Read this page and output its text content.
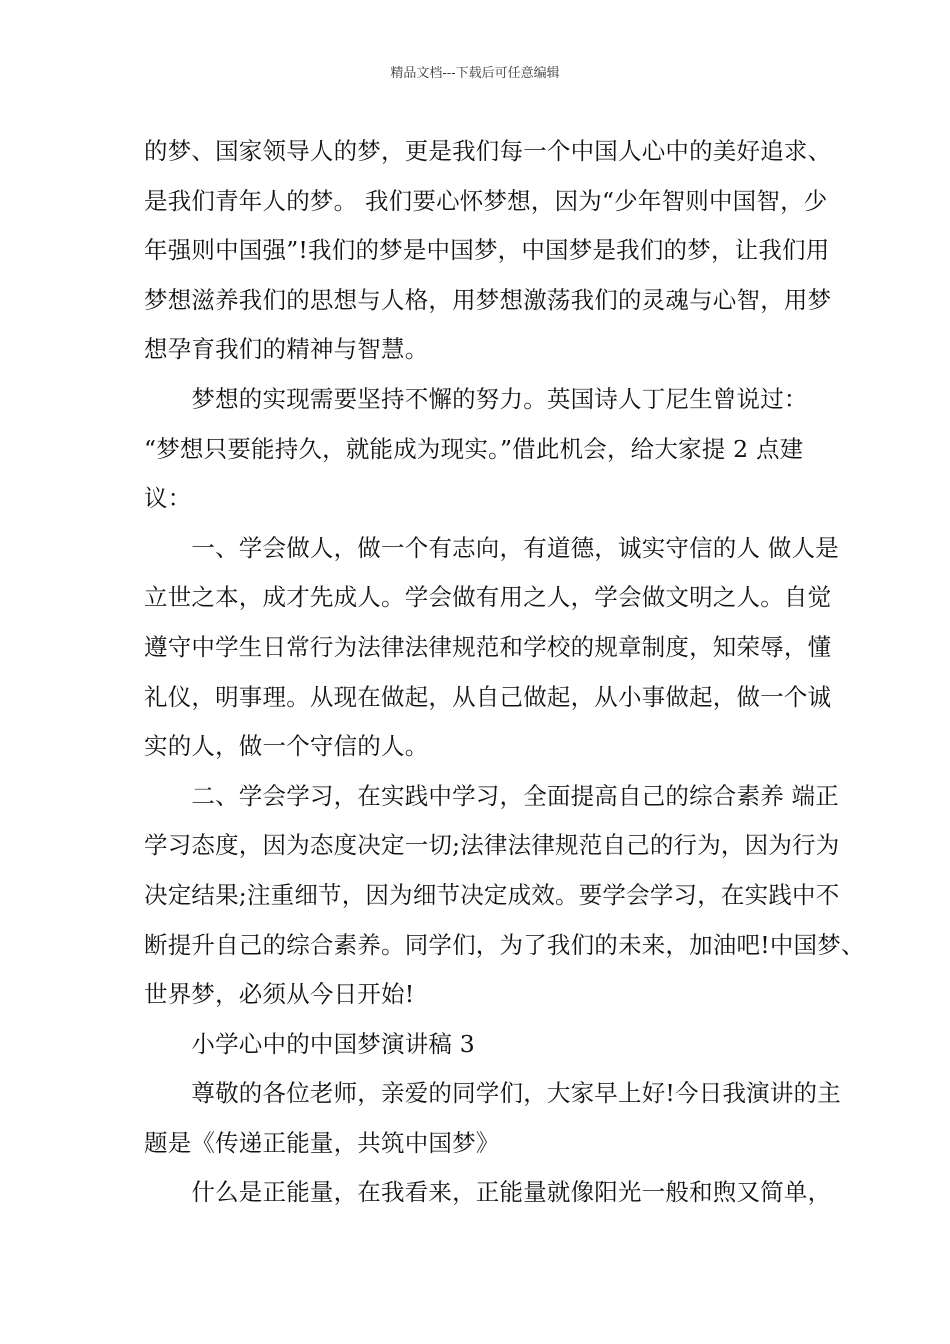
精品文档---下载后可任意编辑
的梦、国家领导人的梦，更是我们每一个中国人心中的美好追求、
是我们青年人的梦。 我们要心怀梦想，因为“少年智则中国智，少
年强则中国强”!我们的梦是中国梦，中国梦是我们的梦，让我们用
梦想滋养我们的思想与人格，用梦想激荡我们的灵魂与心智，用梦
想孕育我们的精神与智慧。
　　梦想的实现需要坚持不懈的努力。英国诗人丁尼生曾说过：
“梦想只要能持久，就能成为现实。”借此机会，给大家提 2 点建
议：
　　一、学会做人，做一个有志向，有道德，诚实守信的人 做人是
立世之本，成才先成人。学会做有用之人，学会做文明之人。自觉
遵守中学生日常行为法律法律规范和学校的规章制度，知荣辱，懂
礼仪，明事理。从现在做起，从自己做起，从小事做起，做一个诚
实的人，做一个守信的人。
　　二、学会学习，在实践中学习，全面提高自己的综合素养 端正
学习态度，因为态度决定一切;法律法律规范自己的行为，因为行为
决定结果;注重细节，因为细节决定成效。要学会学习，在实践中不
断提升自己的综合素养。同学们，为了我们的未来，加油吧!中国梦、
世界梦，必须从今日开始!
　　小学心中的中国梦演讲稿 3
　　尊敬的各位老师，亲爱的同学们，大家早上好!今日我演讲的主
题是《传递正能量，共筑中国梦》
　　什么是正能量，在我看来，正能量就像阳光一般和煦又简单，
